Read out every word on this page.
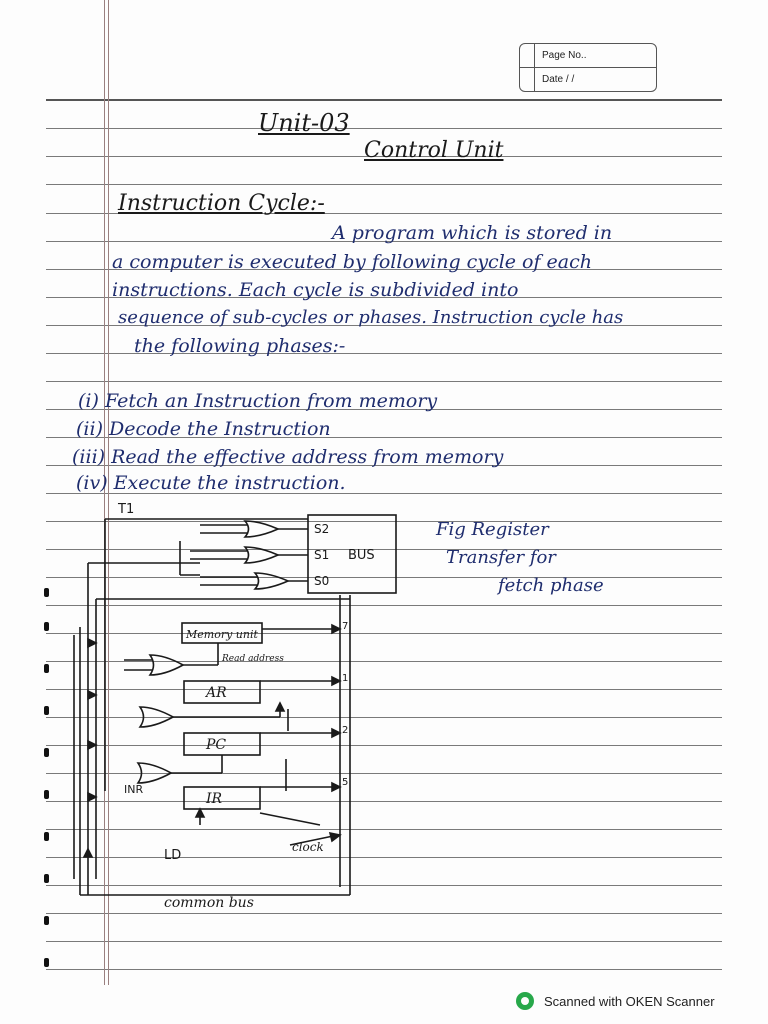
Page No..
Date / /
Unit-03
Control Unit
Instruction Cycle:-
A program which is stored in
a computer is executed by following cycle of each
instructions. Each cycle is subdivided into
sequence of sub-cycles or phases. Instruction cycle has
the following phases:-
(i) Fetch an Instruction from memory
(ii) Decode the Instruction
(iii) Read the effective address from memory
(iv) Execute the instruction.
Fig Register
Transfer for
fetch phase
T1
S2
S1
S0
BUS
Memory unit
Read address
AR
PC
IR
7
1
2
5
INR
LD
clock
common bus
Scanned with OKEN Scanner
